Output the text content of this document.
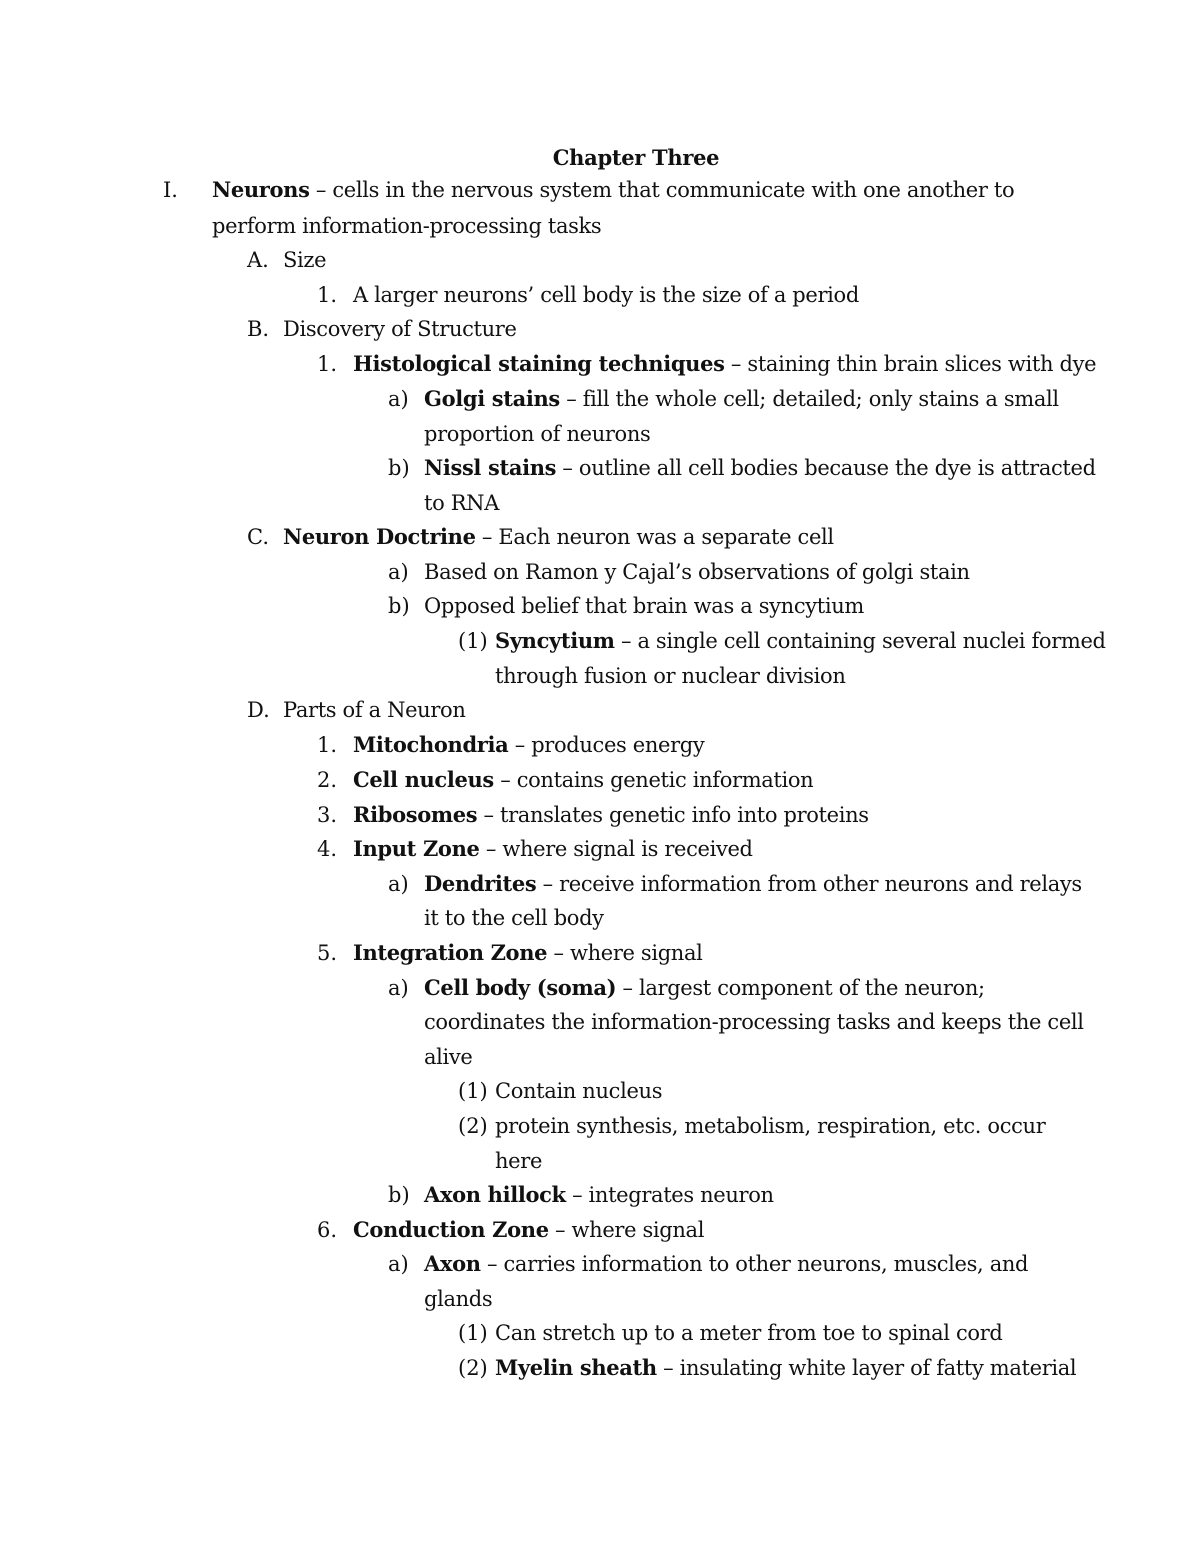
Chapter Three
I. Neurons – cells in the nervous system that communicate with one another to
perform information-processing tasks
A. Size
1. A larger neurons’ cell body is the size of a period
B. Discovery of Structure
1. Histological staining techniques – staining thin brain slices with dye
a) Golgi stains – fill the whole cell; detailed; only stains a small
proportion of neurons
b) Nissl stains – outline all cell bodies because the dye is attracted
to RNA
C. Neuron Doctrine – Each neuron was a separate cell
a) Based on Ramon y Cajal’s observations of golgi stain
b) Opposed belief that brain was a syncytium
(1) Syncytium – a single cell containing several nuclei formed
through fusion or nuclear division
D. Parts of a Neuron
1. Mitochondria – produces energy
2. Cell nucleus – contains genetic information
3. Ribosomes – translates genetic info into proteins
4. Input Zone – where signal is received
a) Dendrites – receive information from other neurons and relays
it to the cell body
5. Integration Zone – where signal
a) Cell body (soma) – largest component of the neuron;
coordinates the information-processing tasks and keeps the cell
alive
(1) Contain nucleus
(2) protein synthesis, metabolism, respiration, etc. occur
here
b) Axon hillock – integrates neuron
6. Conduction Zone – where signal
a) Axon – carries information to other neurons, muscles, and
glands
(1) Can stretch up to a meter from toe to spinal cord
(2) Myelin sheath – insulating white layer of fatty material
